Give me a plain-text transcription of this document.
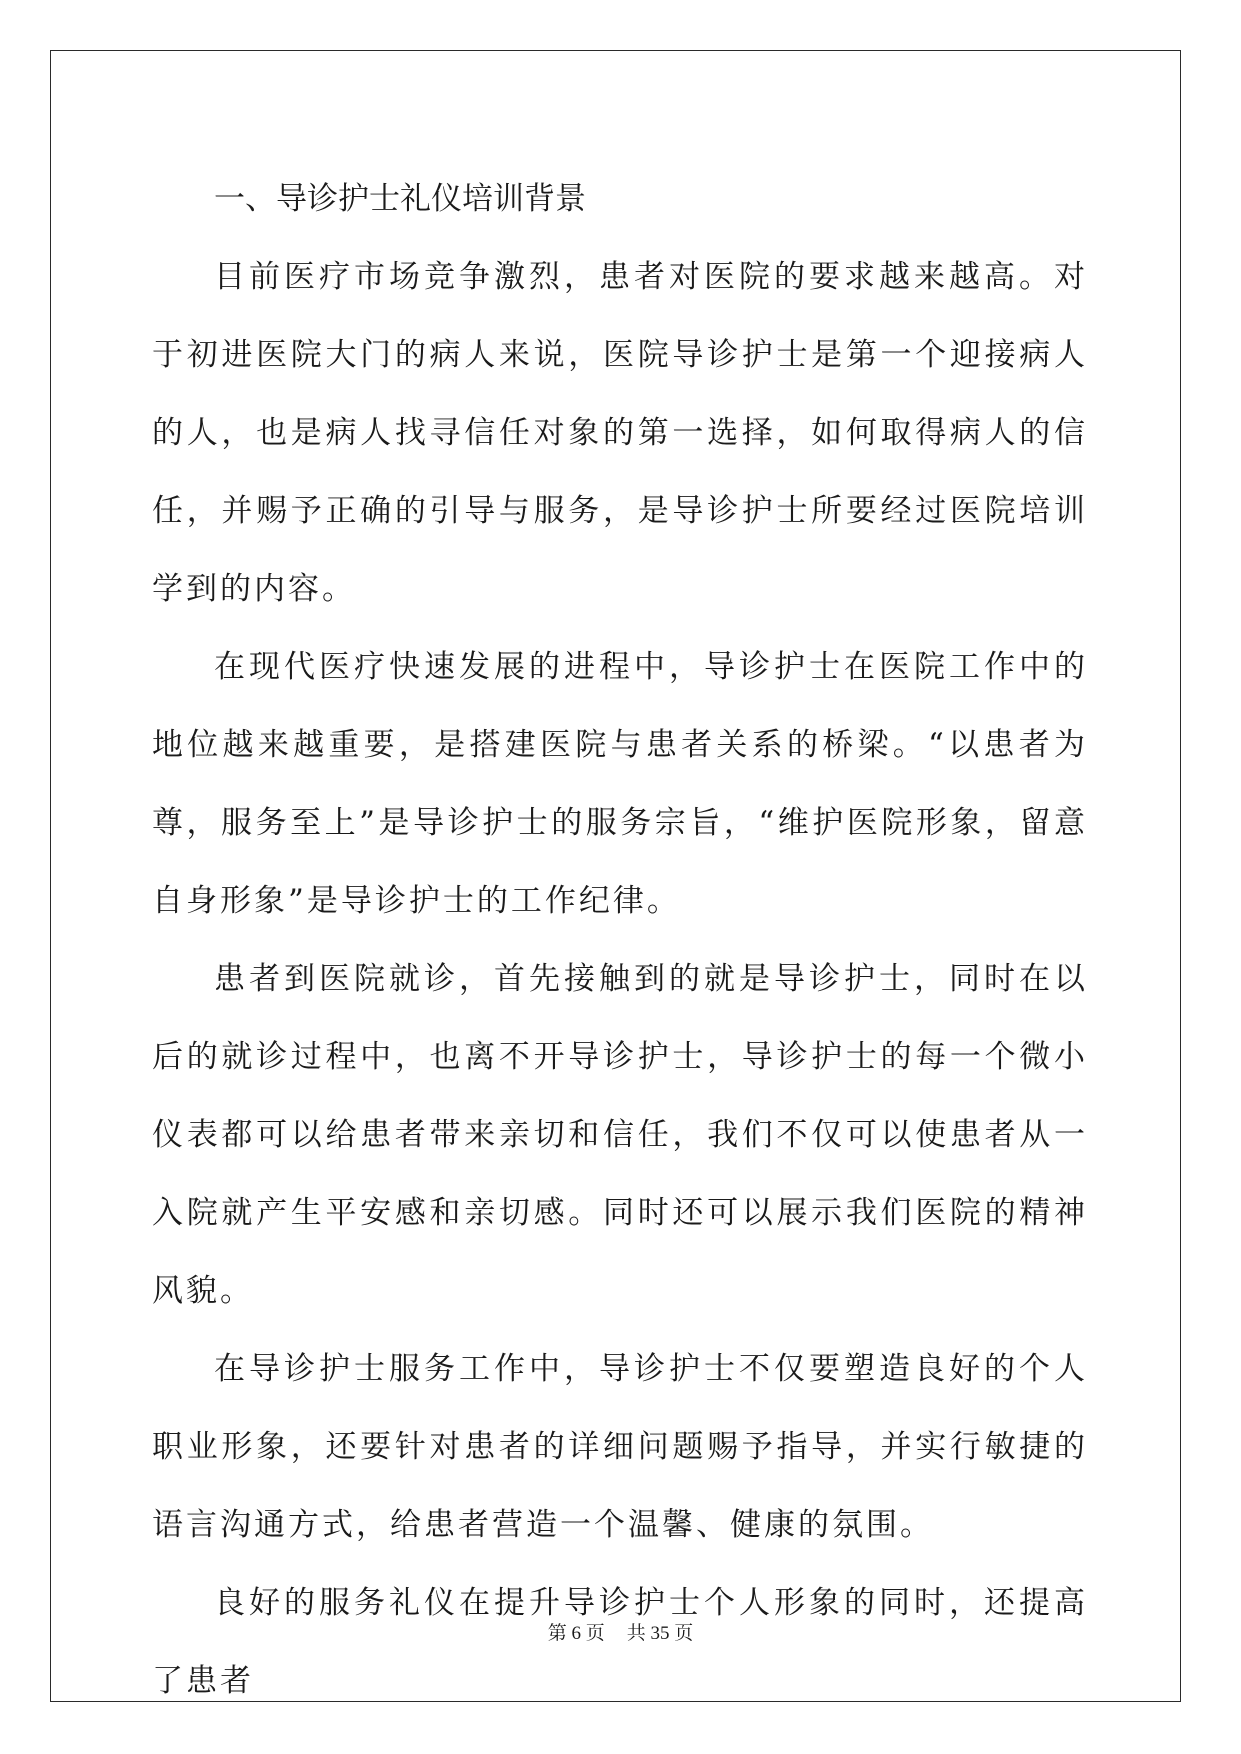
一、导诊护士礼仪培训背景

目前医疗市场竞争激烈，患者对医院的要求越来越高。对于初进医院大门的病人来说，医院导诊护士是第一个迎接病人的人，也是病人找寻信任对象的第一选择，如何取得病人的信任，并赐予正确的引导与服务，是导诊护士所要经过医院培训学到的内容。

在现代医疗快速发展的进程中，导诊护士在医院工作中的地位越来越重要，是搭建医院与患者关系的桥梁。“以患者为尊，服务至上”是导诊护士的服务宗旨，“维护医院形象，留意自身形象”是导诊护士的工作纪律。

患者到医院就诊，首先接触到的就是导诊护士，同时在以后的就诊过程中，也离不开导诊护士，导诊护士的每一个微小仪表都可以给患者带来亲切和信任，我们不仅可以使患者从一入院就产生平安感和亲切感。同时还可以展示我们医院的精神风貌。

在导诊护士服务工作中，导诊护士不仅要塑造良好的个人职业形象，还要针对患者的详细问题赐予指导，并实行敏捷的语言沟通方式，给患者营造一个温馨、健康的氛围。

良好的服务礼仪在提升导诊护士个人形象的同时，还提高了患者

第 6 页 共 35 页
